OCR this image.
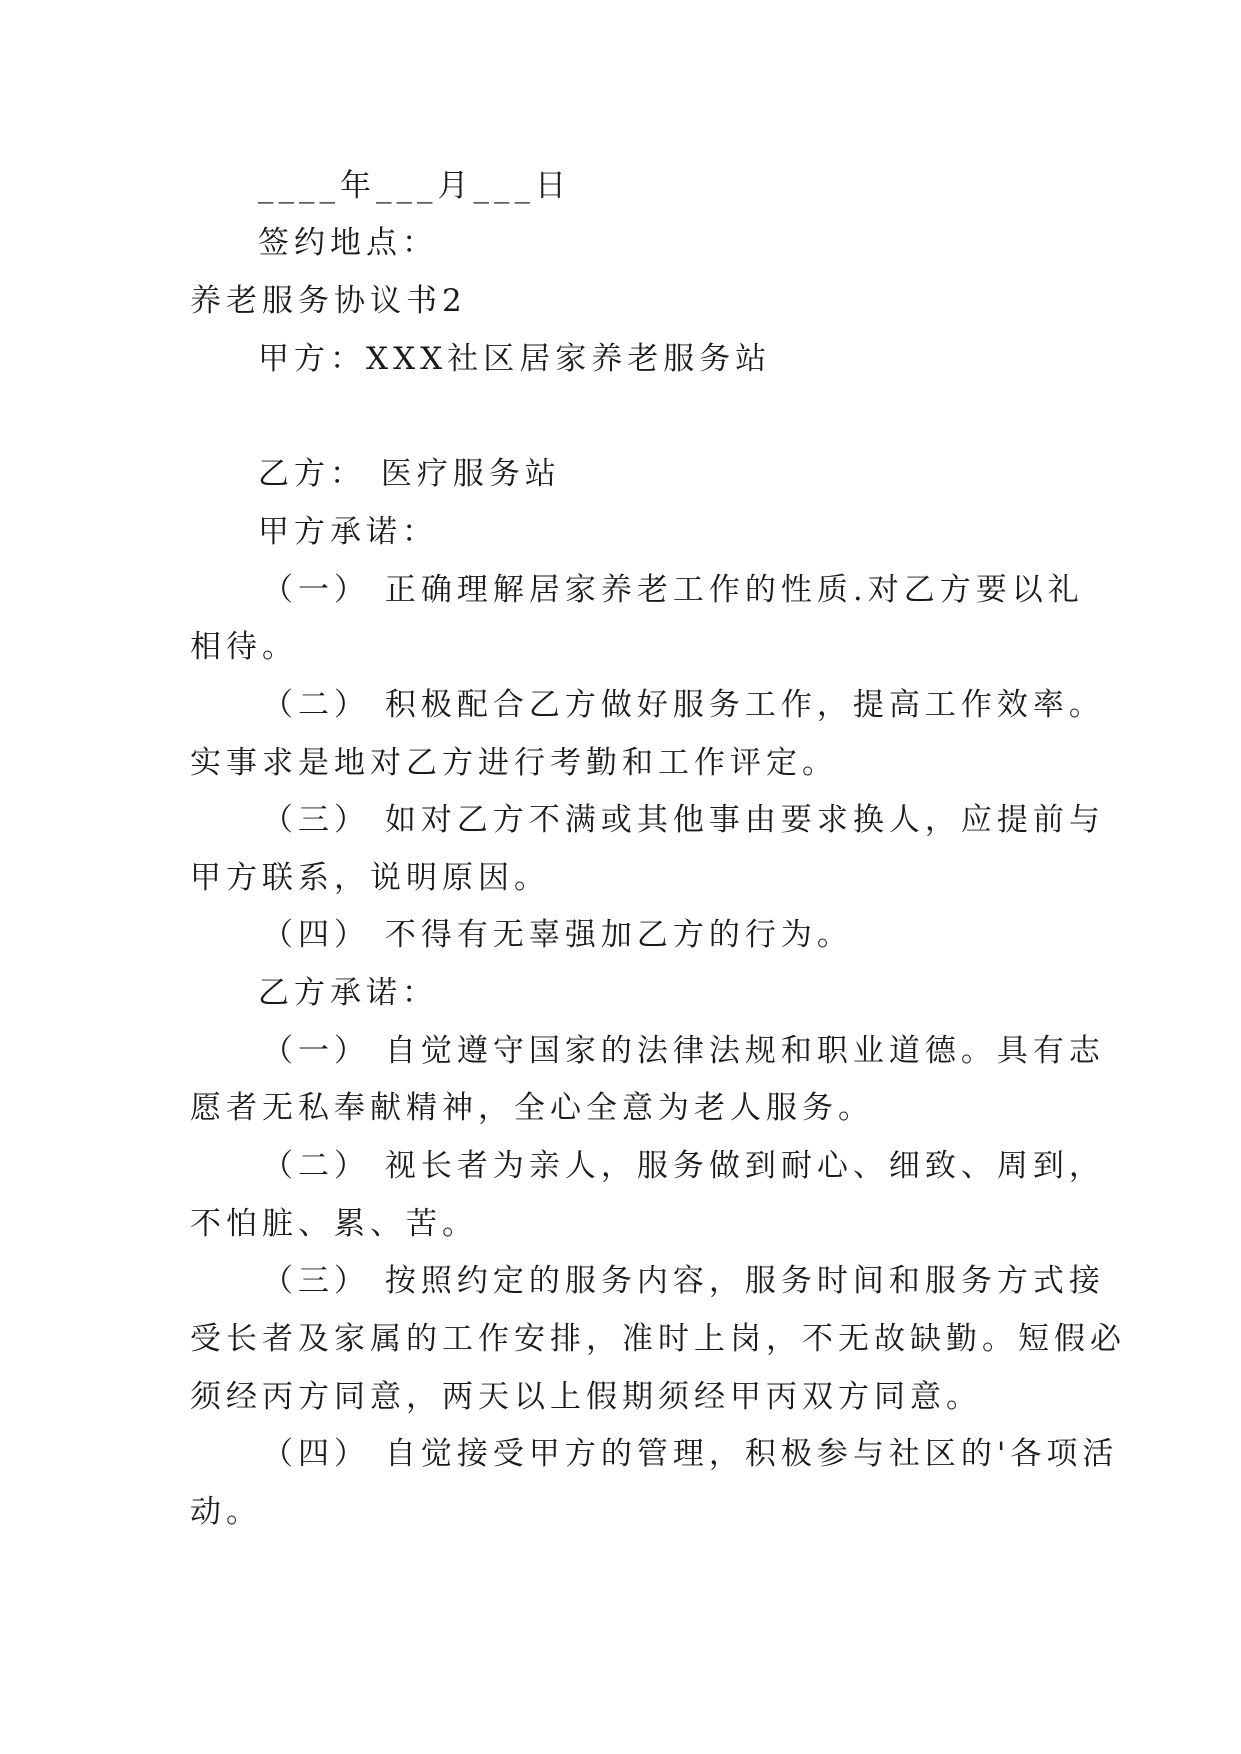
____年___月___日
签约地点：
养老服务协议书2
甲方：XXX社区居家养老服务站
乙方： 医疗服务站
甲方承诺：
（一） 正确理解居家养老工作的性质.对乙方要以礼
相待。
（二） 积极配合乙方做好服务工作，提高工作效率。
实事求是地对乙方进行考勤和工作评定。
（三） 如对乙方不满或其他事由要求换人，应提前与
甲方联系，说明原因。
（四） 不得有无辜强加乙方的行为。
乙方承诺：
（一） 自觉遵守国家的法律法规和职业道德。具有志
愿者无私奉献精神，全心全意为老人服务。
（二） 视长者为亲人，服务做到耐心、细致、周到，
不怕脏、累、苦。
（三） 按照约定的服务内容，服务时间和服务方式接
受长者及家属的工作安排，准时上岗，不无故缺勤。短假必
须经丙方同意，两天以上假期须经甲丙双方同意。
（四） 自觉接受甲方的管理，积极参与社区的'各项活
动。
